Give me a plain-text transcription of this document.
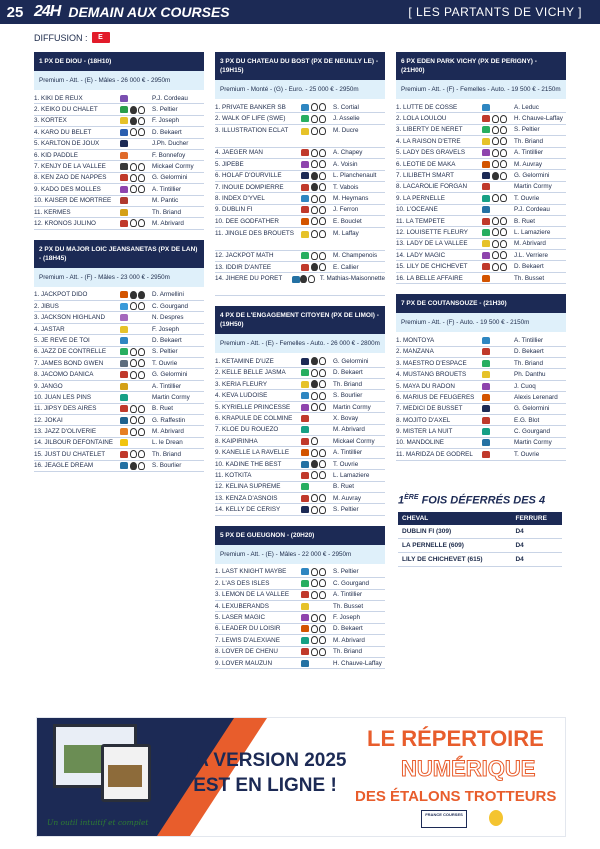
25 24H DEMAIN AUX COURSES	[ LES PARTANTS DE VICHY ]
DIFFUSION :	E
1 PX DE DIOU - (18H10)
Premium - Att. - (E) - Mâles - 26 000 € - 2950m
1. KIKI DE REUX	P.J. Cordeau
2. KEIKO DU CHALET	S. Peltier
3. KORTEX	F. Joseph
4. KARO DU BELET	D. Bekaert
5. KARLTON DE JOUX	J.Ph. Ducher
6. KID PADDLE	F. Bonnefoy
7. KENJY DE LA VALLEE	Mickael Cormy
8. KEN ZAO DE NAPPES	G. Gelormini
9. KADO DES MOLLES	A. Tintillier
10. KAISER DE MORTREE	M. Pantic
11. KERMES	Th. Briand
12. KRONOS JULINO	M. Abrivard
2 PX DU MAJOR LOIC JEANSANETAS (PX DE LAN) - (18H45)
Premium - Att. - (F) - Mâles - 23 000 € - 2950m
1. JACKPOT DIDO	D. Armellini
2. JIBUS	C. Gourgand
3. JACKSON HIGHLAND	N. Despres
4. JASTAR	F. Joseph
5. JE REVE DE TOI	D. Bekaert
6. JAZZ DE CONTRELLE	S. Peltier
7. JAMES BOND GWEN	T. Ouvrie
8. JACOMO DANICA	G. Gelormini
9. JANGO	A. Tintillier
10. JUAN LES PINS	Martin Cormy
11. JIPSY DES AIRES	B. Ruet
12. JOKAI	G. Raffestin
13. JAZZ D'OLIVERIE	M. Abrivard
14. JILBOUR DEFONTAINE	L. le Drean
15. JUST DU CHATELET	Th. Briand
16. JEAGLE DREAM	S. Bourlier
3 PX DU CHATEAU DU BOST (PX DE NEUILLY LE) - (19H15)
Premium - Monté - (G) - Euro. - 25 000 € - 2950m
1. PRIVATE BANKER SB	S. Cortial
2. WALK OF LIFE (SWE)	J. Asselie
3. ILLUSTRATION ECLAT	M. Ducre
4. JAEGER MAN	A. Chapey
5. JIPEBE	A. Voisin
6. HOLAF D'OURVILLE	L. Planchenault
7. INOUIE DOMPIERRE	T. Vabois
8. INDEX D'YVEL	M. Heymans
9. DUBLIN FI	J. Ferron
10. DEE GODFATHER	E. Bouclet
11. JINGLE DES BROUETS	M. Laffay
12. JACKPOT MATH	M. Champenois
13. IDDIR D'ANTEE	E. Callier
14. JIHERE DU PORET	T. Mathias-Maisonnette
4 PX DE L'ENGAGEMENT CITOYEN (PX DE LIMOI) - (19H50)
Premium - Att. - (E) - Femelles - Auto. - 26 000 € - 2800m
1. KETAMINE D'UZE	G. Gelormini
2. KELLE BELLE JASMA	D. Bekaert
3. KERIA FLEURY	Th. Briand
4. KEVA LUDOISE	S. Bourlier
5. KYRIELLE PRINCESSE	Martin Cormy
6. KRAPULE DE COLMINE	X. Bovay
7. KLOE DU ROUEZO	M. Abrivard
8. KAIPIRINHA	Mickael Cormy
9. KANELLE LA RAVELLE	A. Tintillier
10. KADINE THE BEST	T. Ouvrie
11. KOTKITA	L. Lamaziere
12. KELINA SUPREME	B. Ruet
13. KENZA D'ASNOIS	M. Auvray
14. KELLY DE CERISY	S. Peltier
5 PX DE GUEUGNON - (20H20)
Premium - Att. - (E) - Mâles - 22 000 € - 2950m
1. LAST KNIGHT MAYBE	S. Peltier
2. L'AS DES ISLES	C. Gourgand
3. LEMON DE LA VALLEE	A. Tintillier
4. LEXUBERANDS	Th. Busset
5. LASER MAGIC	F. Joseph
6. LEADER DU LOISIR	D. Bekaert
7. LEWIS D'ALEXIANE	M. Abrivard
8. LOVER DE CHENU	Th. Briand
9. LOVER MAUZUN	H. Chauve-Laffay
6 PX EDEN PARK VICHY (PX DE PERIGNY) - (21H00)
Premium - Att. - (F) - Femelles - Auto. - 19 500 € - 2150m
1. LUTTE DE COSSE	A. Leduc
2. LOLA LOULOU	H. Chauve-Laffay
3. LIBERTY DE NERET	S. Peltier
4. LA RAISON D'ETRE	Th. Briand
5. LADY DES GRAVELS	A. Tintillier
6. LEOTIE DE MAKA	M. Auvray
7. LILIBETH SMART	G. Gelormini
8. LACAROLIE FORGAN	Martin Cormy
9. LA PERNELLE	T. Ouvrie
10. L'OCEANE	P.J. Cordeau
11. LA TEMPETE	B. Ruet
12. LOUISETTE FLEURY	L. Lamaziere
13. LADY DE LA VALLEE	M. Abrivard
14. LADY MAGIC	J.L. Verriere
15. LILY DE CHICHEVET	D. Bekaert
16. LA BELLE AFFAIRE	Th. Busset
7 PX DE COUTANSOUZE - (21H30)
Premium - Att. - (F) - Auto. - 19 500 € - 2150m
1. MONTOYA	A. Tintillier
2. MANZANA	D. Bekaert
3. MAESTRO D'ESPACE	Th. Briand
4. MUSTANG BROUETS	Ph. Danthu
5. MAYA DU RADON	J. Cuoq
6. MARIUS DE FEUGERES	Alexis Lerenard
7. MEDICI DE BUSSET	G. Gelormini
8. MOJITO D'AXEL	E.G. Blot
9. MISTER LA NUIT	C. Gourgand
10. MANDOLINE	Martin Cormy
11. MARIDZA DE GODREL	T. Ouvrie
1ÈRE FOIS DÉFERRÉS DES 4
CHEVAL	FERRURE
DUBLIN FI (309)	D4
LA PERNELLE (609)	D4
LILY DE CHICHEVET (615)	D4
Un outil intuitif et complet
LA VERSION 2025
EST EN LIGNE !
LE RÉPERTOIRE
NUMÉRIQUE
DES ÉTALONS TROTTEURS
FRANCE COURSES
